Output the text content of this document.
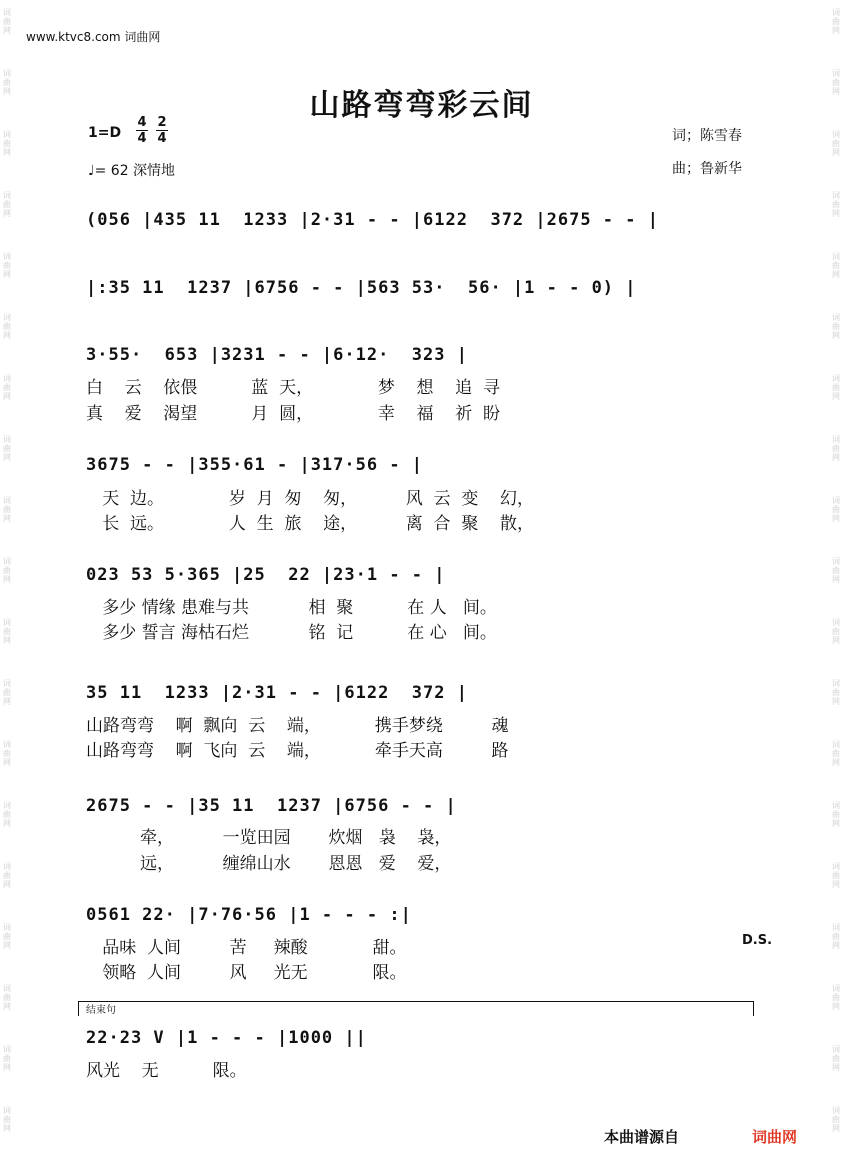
词
曲
网
词
曲
网
词
曲
网
词
曲
网
词
曲
网
词
曲
网
词
曲
网
词
曲
网
词
曲
网
词
曲
网
词
曲
网
词
曲
网
词
曲
网
词
曲
网
词
曲
网
词
曲
网
词
曲
网
词
曲
网
词
曲
网
词
曲
网
词
曲
网
词
曲
网
词
曲
网
词
曲
网
词
曲
网
词
曲
网
词
曲
网
词
曲
网
词
曲
网
词
曲
网
词
曲
网
词
曲
网
词
曲
网
词
曲
网
词
曲
网
词
曲
网
词
曲
网
词
曲
网
www.ktvc8.com 词曲网
山路弯弯彩云间
1=D
4
4
2
4
♩= 62 深情地
词；陈雪春
曲；鲁新华
(056 |435 11  1233 |2·31 - - |6122  372 |2675 - - |
|:35 11  1237 |6756 - - |563 53·  56· |1 - - 0) |
3·55·  653 |3231 - - |6·12·  323 |
白    云    依偎          蓝  天，            梦    想    追  寻
真    爱    渴望          月  圆，            幸    福    祈  盼
3675 - - |355·61 - |317·56 - |
天  边。            岁  月  匆    匆，         风  云  变    幻，
长  远。            人  生  旅    途，         离  合  聚    散，
023 53 5·365 |25  22 |23·1 - - |
多少 情缘 患难与共           相  聚          在 人   间。
多少 誓言 海枯石烂           铭  记          在 心   间。
35 11  1233 |2·31 - - |6122  372 |
山路弯弯    啊  飘向  云    端，          携手梦绕         魂
山路弯弯    啊  飞向  云    端，          牵手天高         路
2675 - - |35 11  1237 |6756 - - |
牵，         一览田园       炊烟   袅    袅，
远，         缠绵山水       恩恩   爱    爱，
0561 22· |7·76·56 |1 - - - :|
品味  人间         苦     辣酸            甜。
领略  人间         风     光无            限。
D.S.
结束句
22·23 V |1 - - - |1000 ||
风光    无          限。
本曲谱源自	词曲网
